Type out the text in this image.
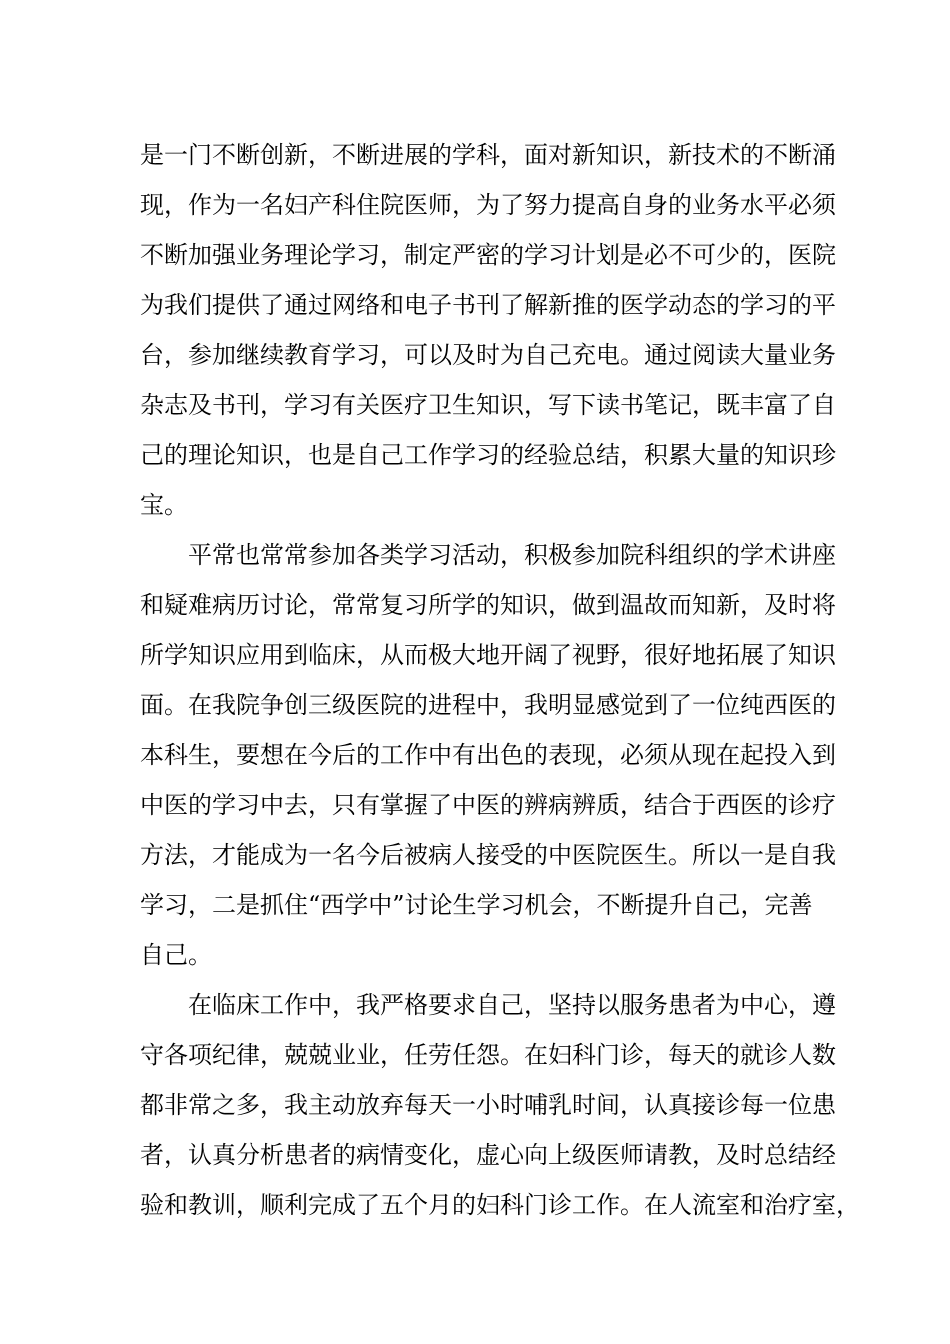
是一门不断创新，不断进展的学科，面对新知识，新技术的不断涌
现，作为一名妇产科住院医师，为了努力提高自身的业务水平必须
不断加强业务理论学习，制定严密的学习计划是必不可少的，医院
为我们提供了通过网络和电子书刊了解新推的医学动态的学习的平
台，参加继续教育学习，可以及时为自己充电。通过阅读大量业务
杂志及书刊，学习有关医疗卫生知识，写下读书笔记，既丰富了自
己的理论知识，也是自己工作学习的经验总结，积累大量的知识珍
宝。
　　平常也常常参加各类学习活动，积极参加院科组织的学术讲座
和疑难病历讨论，常常复习所学的知识，做到温故而知新，及时将
所学知识应用到临床，从而极大地开阔了视野，很好地拓展了知识
面。在我院争创三级医院的进程中，我明显感觉到了一位纯西医的
本科生，要想在今后的工作中有出色的表现，必须从现在起投入到
中医的学习中去，只有掌握了中医的辨病辨质，结合于西医的诊疗
方法，才能成为一名今后被病人接受的中医院医生。所以一是自我
学习，二是抓住“西学中”讨论生学习机会，不断提升自己，完善
自己。
　　在临床工作中，我严格要求自己，坚持以服务患者为中心，遵
守各项纪律，兢兢业业，任劳任怨。在妇科门诊，每天的就诊人数
都非常之多，我主动放弃每天一小时哺乳时间，认真接诊每一位患
者，认真分析患者的病情变化，虚心向上级医师请教，及时总结经
验和教训，顺利完成了五个月的妇科门诊工作。在人流室和治疗室，
